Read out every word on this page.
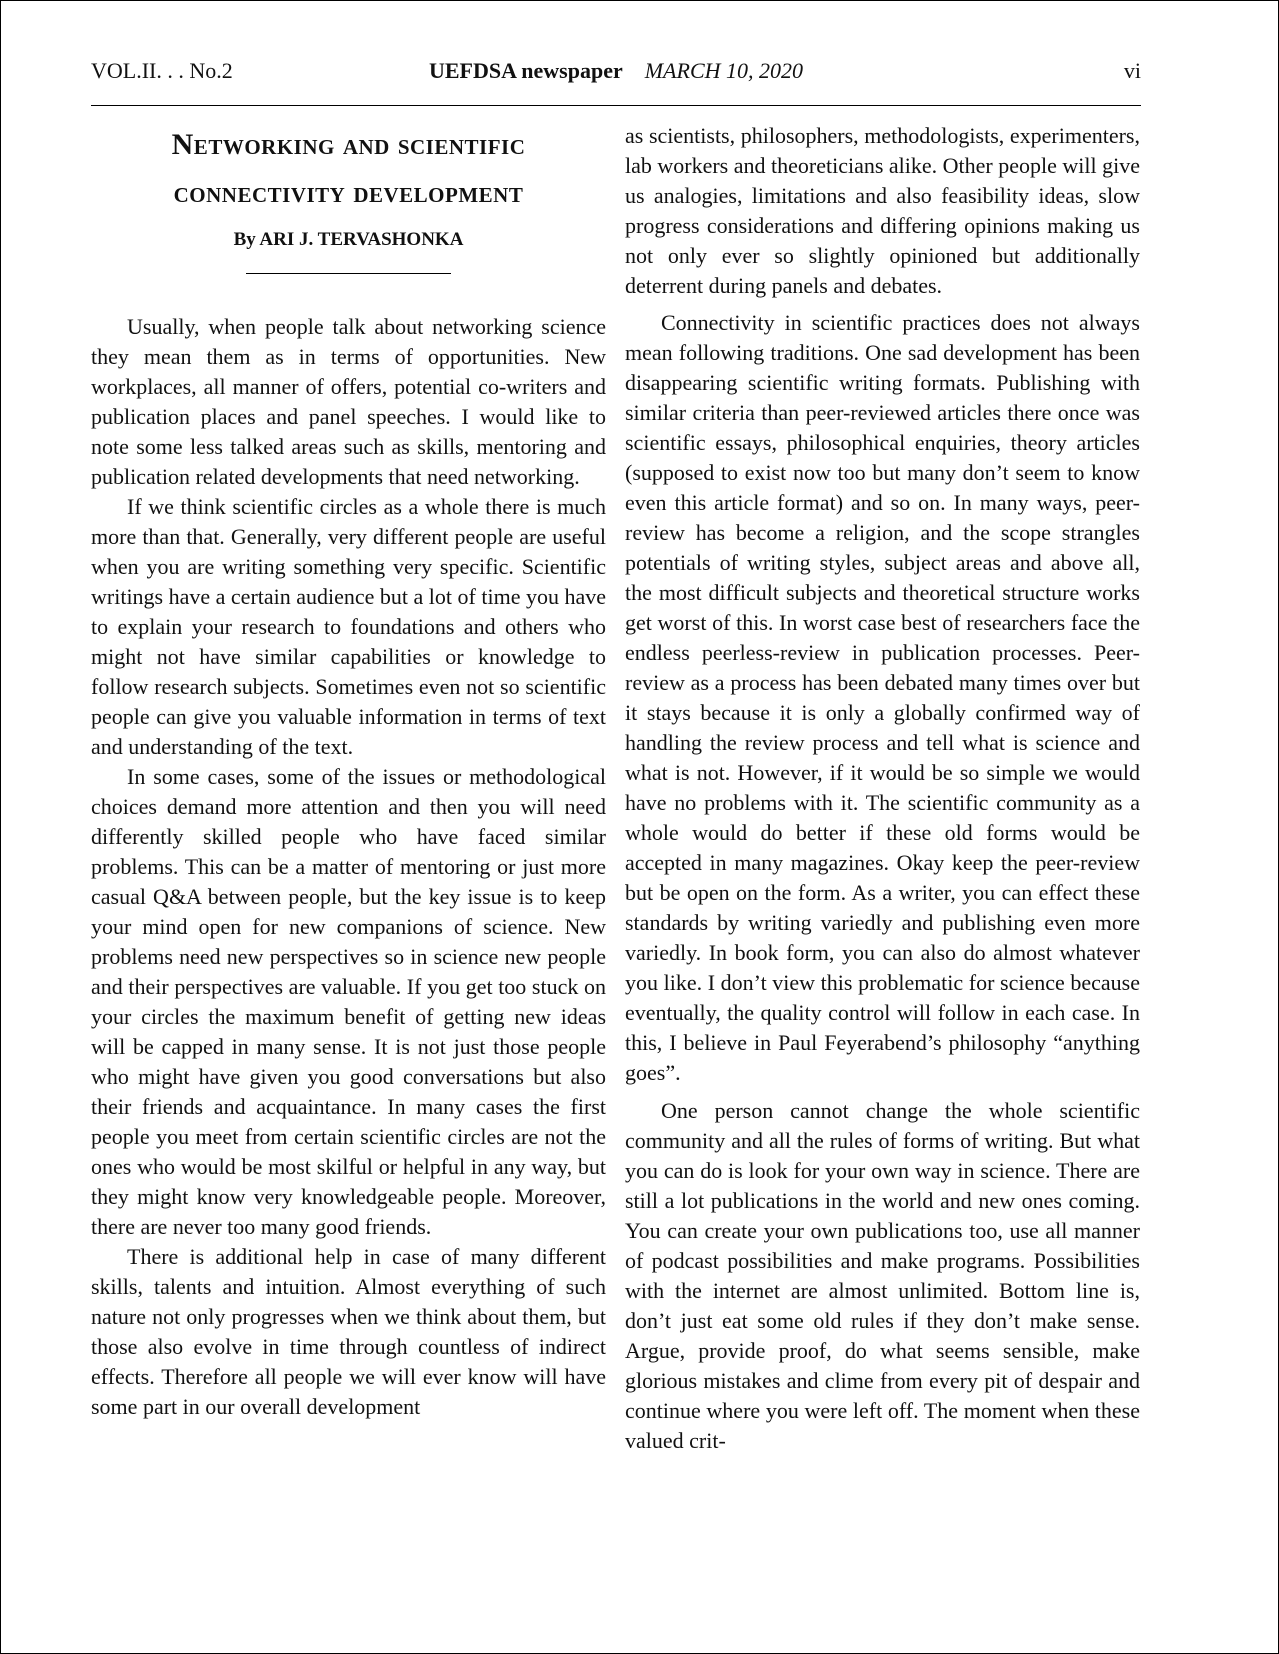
VOL.II. . . No.2	UEFDSA newspaper MARCH 10, 2020	vi
Networking and scientific
connectivity development
By ARI J. TERVASHONKA

Usually, when people talk about networking science they mean them as in terms of opportunities. New workplaces, all manner of offers, potential co-writers and publication places and panel speeches. I would like to note some less talked areas such as skills, mentoring and publication related developments that need networking.

If we think scientific circles as a whole there is much more than that. Generally, very different people are useful when you are writing something very specific. Scientific writings have a certain audience but a lot of time you have to explain your research to foundations and others who might not have similar capabilities or knowledge to follow research subjects. Sometimes even not so scientific people can give you valuable information in terms of text and understanding of the text.

In some cases, some of the issues or methodological choices demand more attention and then you will need differently skilled people who have faced similar problems. This can be a matter of mentoring or just more casual Q&A between people, but the key issue is to keep your mind open for new companions of science. New problems need new perspectives so in science new people and their perspectives are valuable. If you get too stuck on your circles the maximum benefit of getting new ideas will be capped in many sense. It is not just those people who might have given you good conversations but also their friends and acquaintance. In many cases the first people you meet from certain scientific circles are not the ones who would be most skilful or helpful in any way, but they might know very knowledgeable people. Moreover, there are never too many good friends.

There is additional help in case of many different skills, talents and intuition. Almost everything of such nature not only progresses when we think about them, but those also evolve in time through countless of indirect effects. Therefore all people we will ever know will have some part in our overall development

as scientists, philosophers, methodologists, experimenters, lab workers and theoreticians alike. Other people will give us analogies, limitations and also feasibility ideas, slow progress considerations and differing opinions making us not only ever so slightly opinioned but additionally deterrent during panels and debates.

Connectivity in scientific practices does not always mean following traditions. One sad development has been disappearing scientific writing formats. Publishing with similar criteria than peer-reviewed articles there once was scientific essays, philosophical enquiries, theory articles (supposed to exist now too but many don’t seem to know even this article format) and so on. In many ways, peer-review has become a religion, and the scope strangles potentials of writing styles, subject areas and above all, the most difficult subjects and theoretical structure works get worst of this. In worst case best of researchers face the endless peerless-review in publication processes. Peer-review as a process has been debated many times over but it stays because it is only a globally confirmed way of handling the review process and tell what is science and what is not. However, if it would be so simple we would have no problems with it. The scientific community as a whole would do better if these old forms would be accepted in many magazines. Okay keep the peer-review but be open on the form. As a writer, you can effect these standards by writing variedly and publishing even more variedly. In book form, you can also do almost whatever you like. I don’t view this problematic for science because eventually, the quality control will follow in each case. In this, I believe in Paul Feyerabend’s philosophy “anything goes”.

One person cannot change the whole scientific community and all the rules of forms of writing. But what you can do is look for your own way in science. There are still a lot publications in the world and new ones coming. You can create your own publications too, use all manner of podcast possibilities and make programs. Possibilities with the internet are almost unlimited. Bottom line is, don’t just eat some old rules if they don’t make sense. Argue, provide proof, do what seems sensible, make glorious mistakes and clime from every pit of despair and continue where you were left off. The moment when these valued crit-
